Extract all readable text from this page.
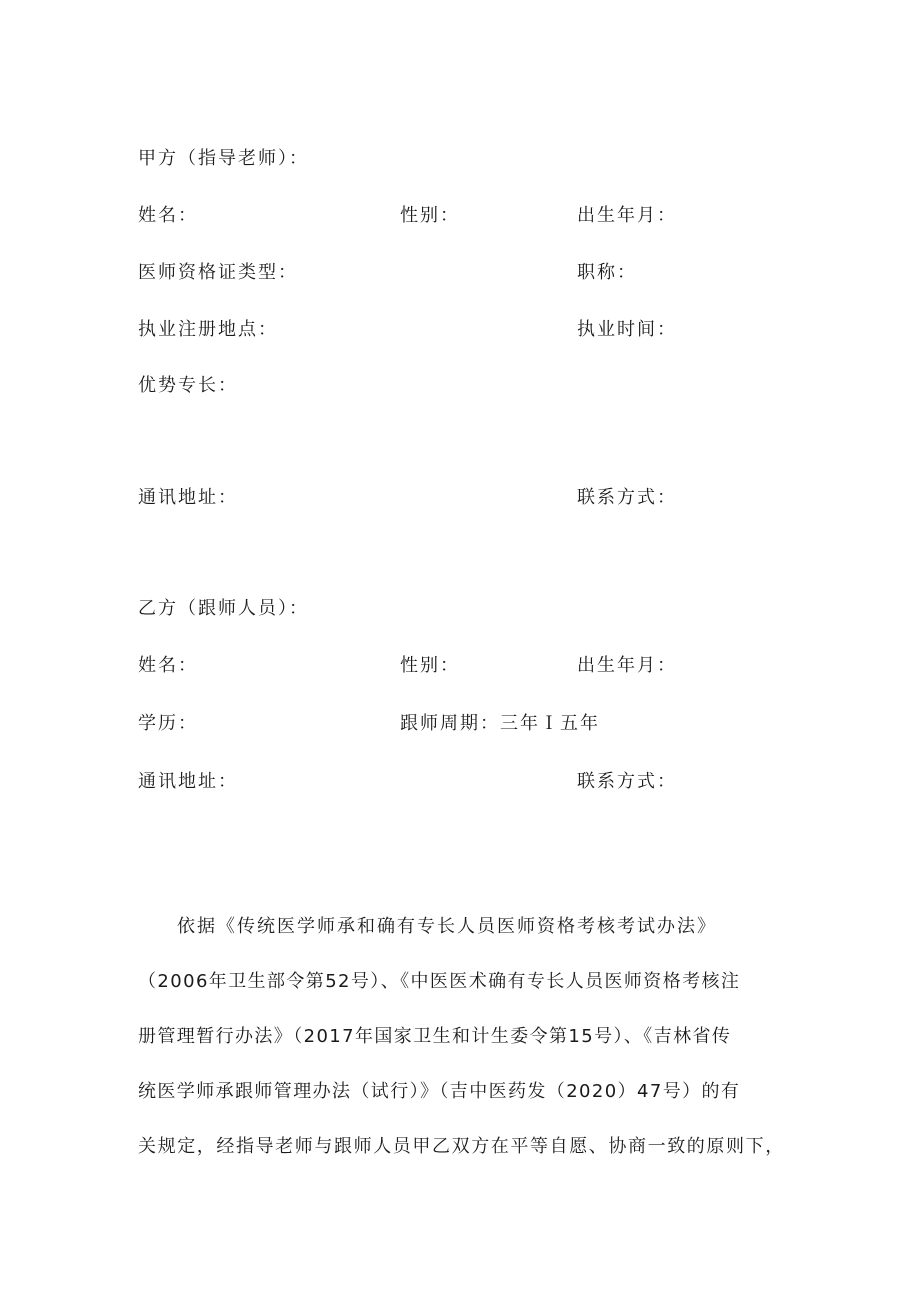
甲方（指导老师）：
姓名：	性别：	出生年月：
医师资格证类型：	职称：
执业注册地点：	执业时间：
优势专长：
通讯地址：	联系方式：
乙方（跟师人员）：
姓名：	性别：	出生年月：
学历：	跟师周期：三年Ｉ五年
通讯地址：	联系方式：
依据《传统医学师承和确有专长人员医师资格考核考试办法》
（2006年卫生部令第52号）、《中医医术确有专长人员医师资格考核注
册管理暂行办法》（2017年国家卫生和计生委令第15号）、《吉林省传
统医学师承跟师管理办法（试行）》（吉中医药发（2020）47号）的有
关规定，经指导老师与跟师人员甲乙双方在平等自愿、协商一致的原则下，
